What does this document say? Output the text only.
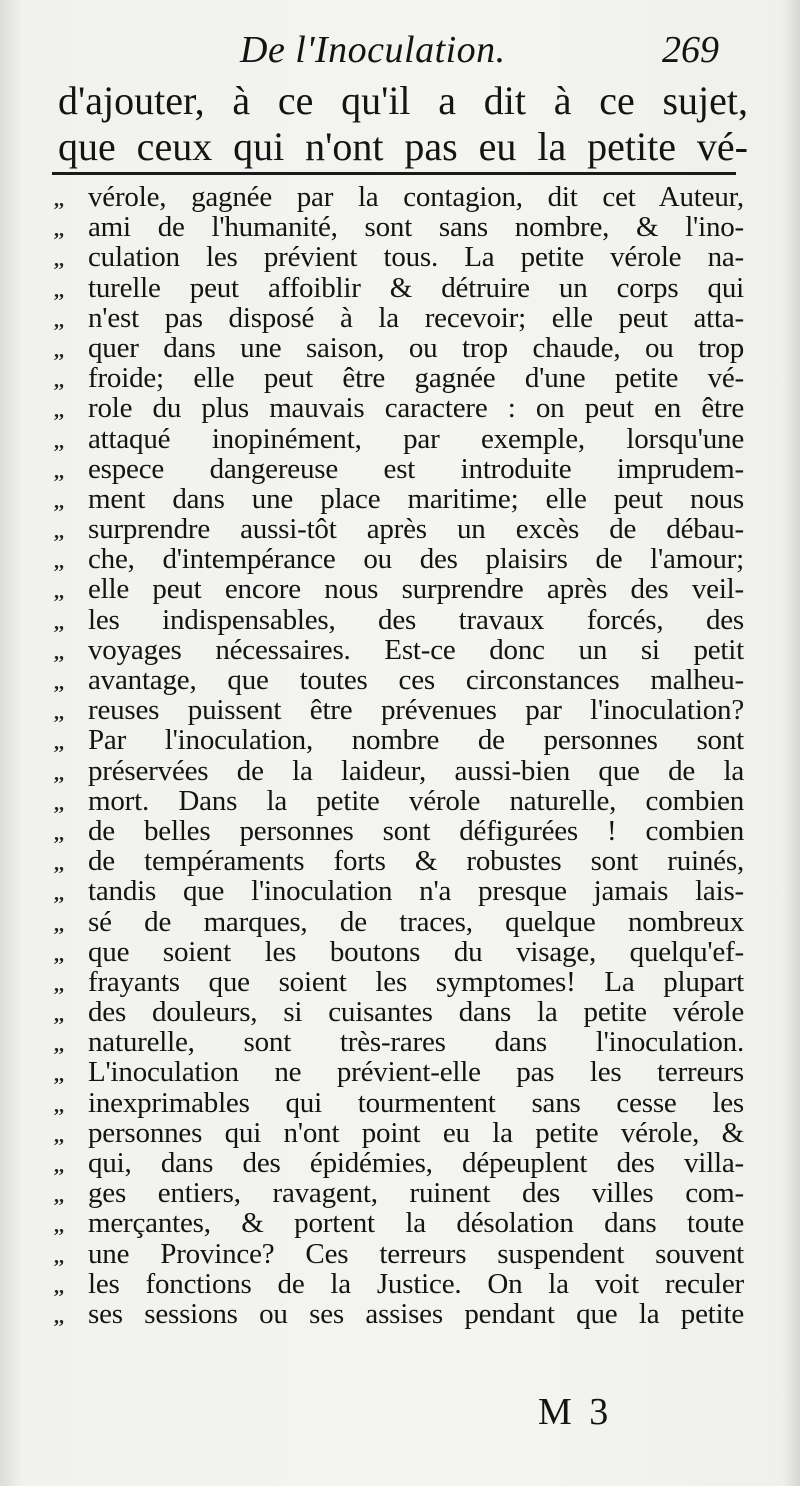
De l'Inoculation.	269
d'ajouter, à ce qu'il a dit à ce sujet,
que ceux qui n'ont pas eu la petite vé-
,, vérole, gagnée par la contagion, dit cet Auteur,
,, ami de l'humanité, sont sans nombre, & l'ino-
,, culation les prévient tous. La petite vérole na-
,, turelle peut affoiblir & détruire un corps qui
,, n'est pas disposé à la recevoir; elle peut atta-
,, quer dans une saison, ou trop chaude, ou trop
,, froide; elle peut être gagnée d'une petite vé-
,, role du plus mauvais caractere : on peut en être
,, attaqué inopinément, par exemple, lorsqu'une
,, espece dangereuse est introduite imprudem-
,, ment dans une place maritime; elle peut nous
,, surprendre aussi-tôt après un excès de débau-
,, che, d'intempérance ou des plaisirs de l'amour;
,, elle peut encore nous surprendre après des veil-
,, les indispensables, des travaux forcés, des
,, voyages nécessaires. Est-ce donc un si petit
,, avantage, que toutes ces circonstances malheu-
,, reuses puissent être prévenues par l'inoculation?
,, Par l'inoculation, nombre de personnes sont
,, préservées de la laideur, aussi-bien que de la
,, mort. Dans la petite vérole naturelle, combien
,, de belles personnes sont défigurées ! combien
,, de tempéraments forts & robustes sont ruinés,
,, tandis que l'inoculation n'a presque jamais lais-
,, sé de marques, de traces, quelque nombreux
,, que soient les boutons du visage, quelqu'ef-
,, frayants que soient les symptomes! La plupart
,, des douleurs, si cuisantes dans la petite vérole
,, naturelle, sont très-rares dans l'inoculation.
,, L'inoculation ne prévient-elle pas les terreurs
,, inexprimables qui tourmentent sans cesse les
,, personnes qui n'ont point eu la petite vérole, &
,, qui, dans des épidémies, dépeuplent des villa-
,, ges entiers, ravagent, ruinent des villes com-
,, merçantes, & portent la désolation dans toute
,, une Province? Ces terreurs suspendent souvent
,, les fonctions de la Justice. On la voit reculer
,, ses sessions ou ses assises pendant que la petite
M 3
